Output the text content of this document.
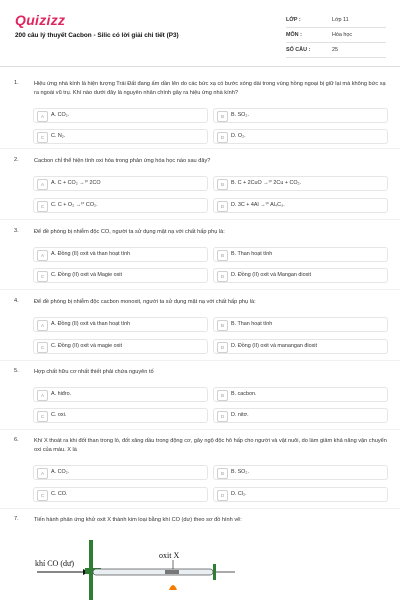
Quizizz
200 câu lý thuyết Cacbon - Silic có lời giải chi tiết (P3)
LỚP :	Lớp 11
MÔN :	Hóa học
SỐ CÂU :	25
1.	Hiệu ứng nhà kính là hiện tượng Trái Đất đang ấm dần lên do các bức xạ có bước sóng dài trong vùng hồng ngoại bị giữ lại mà không bức xạ ra ngoài vũ trụ. Khí nào dưới đây là nguyên nhân chính gây ra hiệu ứng nhà kính?
A	A. CO₂.	B	B. SO₂.
C	C. N₂.	D	D. O₂.
2.	Cacbon chỉ thể hiện tính oxi hóa trong phản ứng hóa học nào sau đây?
A	A. C + CO₂ →ᵗ° 2CO	B	B. C + 2CuO →ᵗ° 2Cu + CO₂.
C	C. C + O₂ →ᵗ° CO₂.	D	D. 3C + 4Al →ᵗ° Al₄C₃.
3.	Để đề phòng bị nhiễm độc CO, người ta sử dụng mặt nạ với chất hấp phụ là:
A	A. Đồng (II) oxit và than hoạt tính	B	B. Than hoạt tính
C	C. Đồng (II) oxit và Magie oxit	D	D. Đồng (II) oxit và Mangan dioxit
4.	Để đề phòng bị nhiễm độc cacbon monoxit, người ta sử dụng mặt nạ với chất hấp phụ là:
A	A. Đồng (II) oxit và than hoạt tính	B	B. Than hoạt tính
C	C. Đồng (II) oxit và magie oxit	D	D. Đồng (II) oxit và manangan đioxit
5.	Hợp chất hữu cơ nhất thiết phải chứa nguyên tố
A	A. hiđro.	B	B. cacbon.
C	C. oxi.	D	D. nitơ.
6.	Khí X thoát ra khi đốt than trong lò, đốt xăng dầu trong động cơ, gây ngộ độc hô hấp cho người và vật nuôi, do làm giảm khả năng vận chuyển oxi của máu. X là
A	A. CO₂.	B	B. SO₂.
C	C. CO.	D	D. Cl₂.
7.	Tiến hành phản ứng khử oxit X thành kim loại bằng khí CO (dư) theo sơ đồ hình vẽ:
khí CO (dư)
oxit X
